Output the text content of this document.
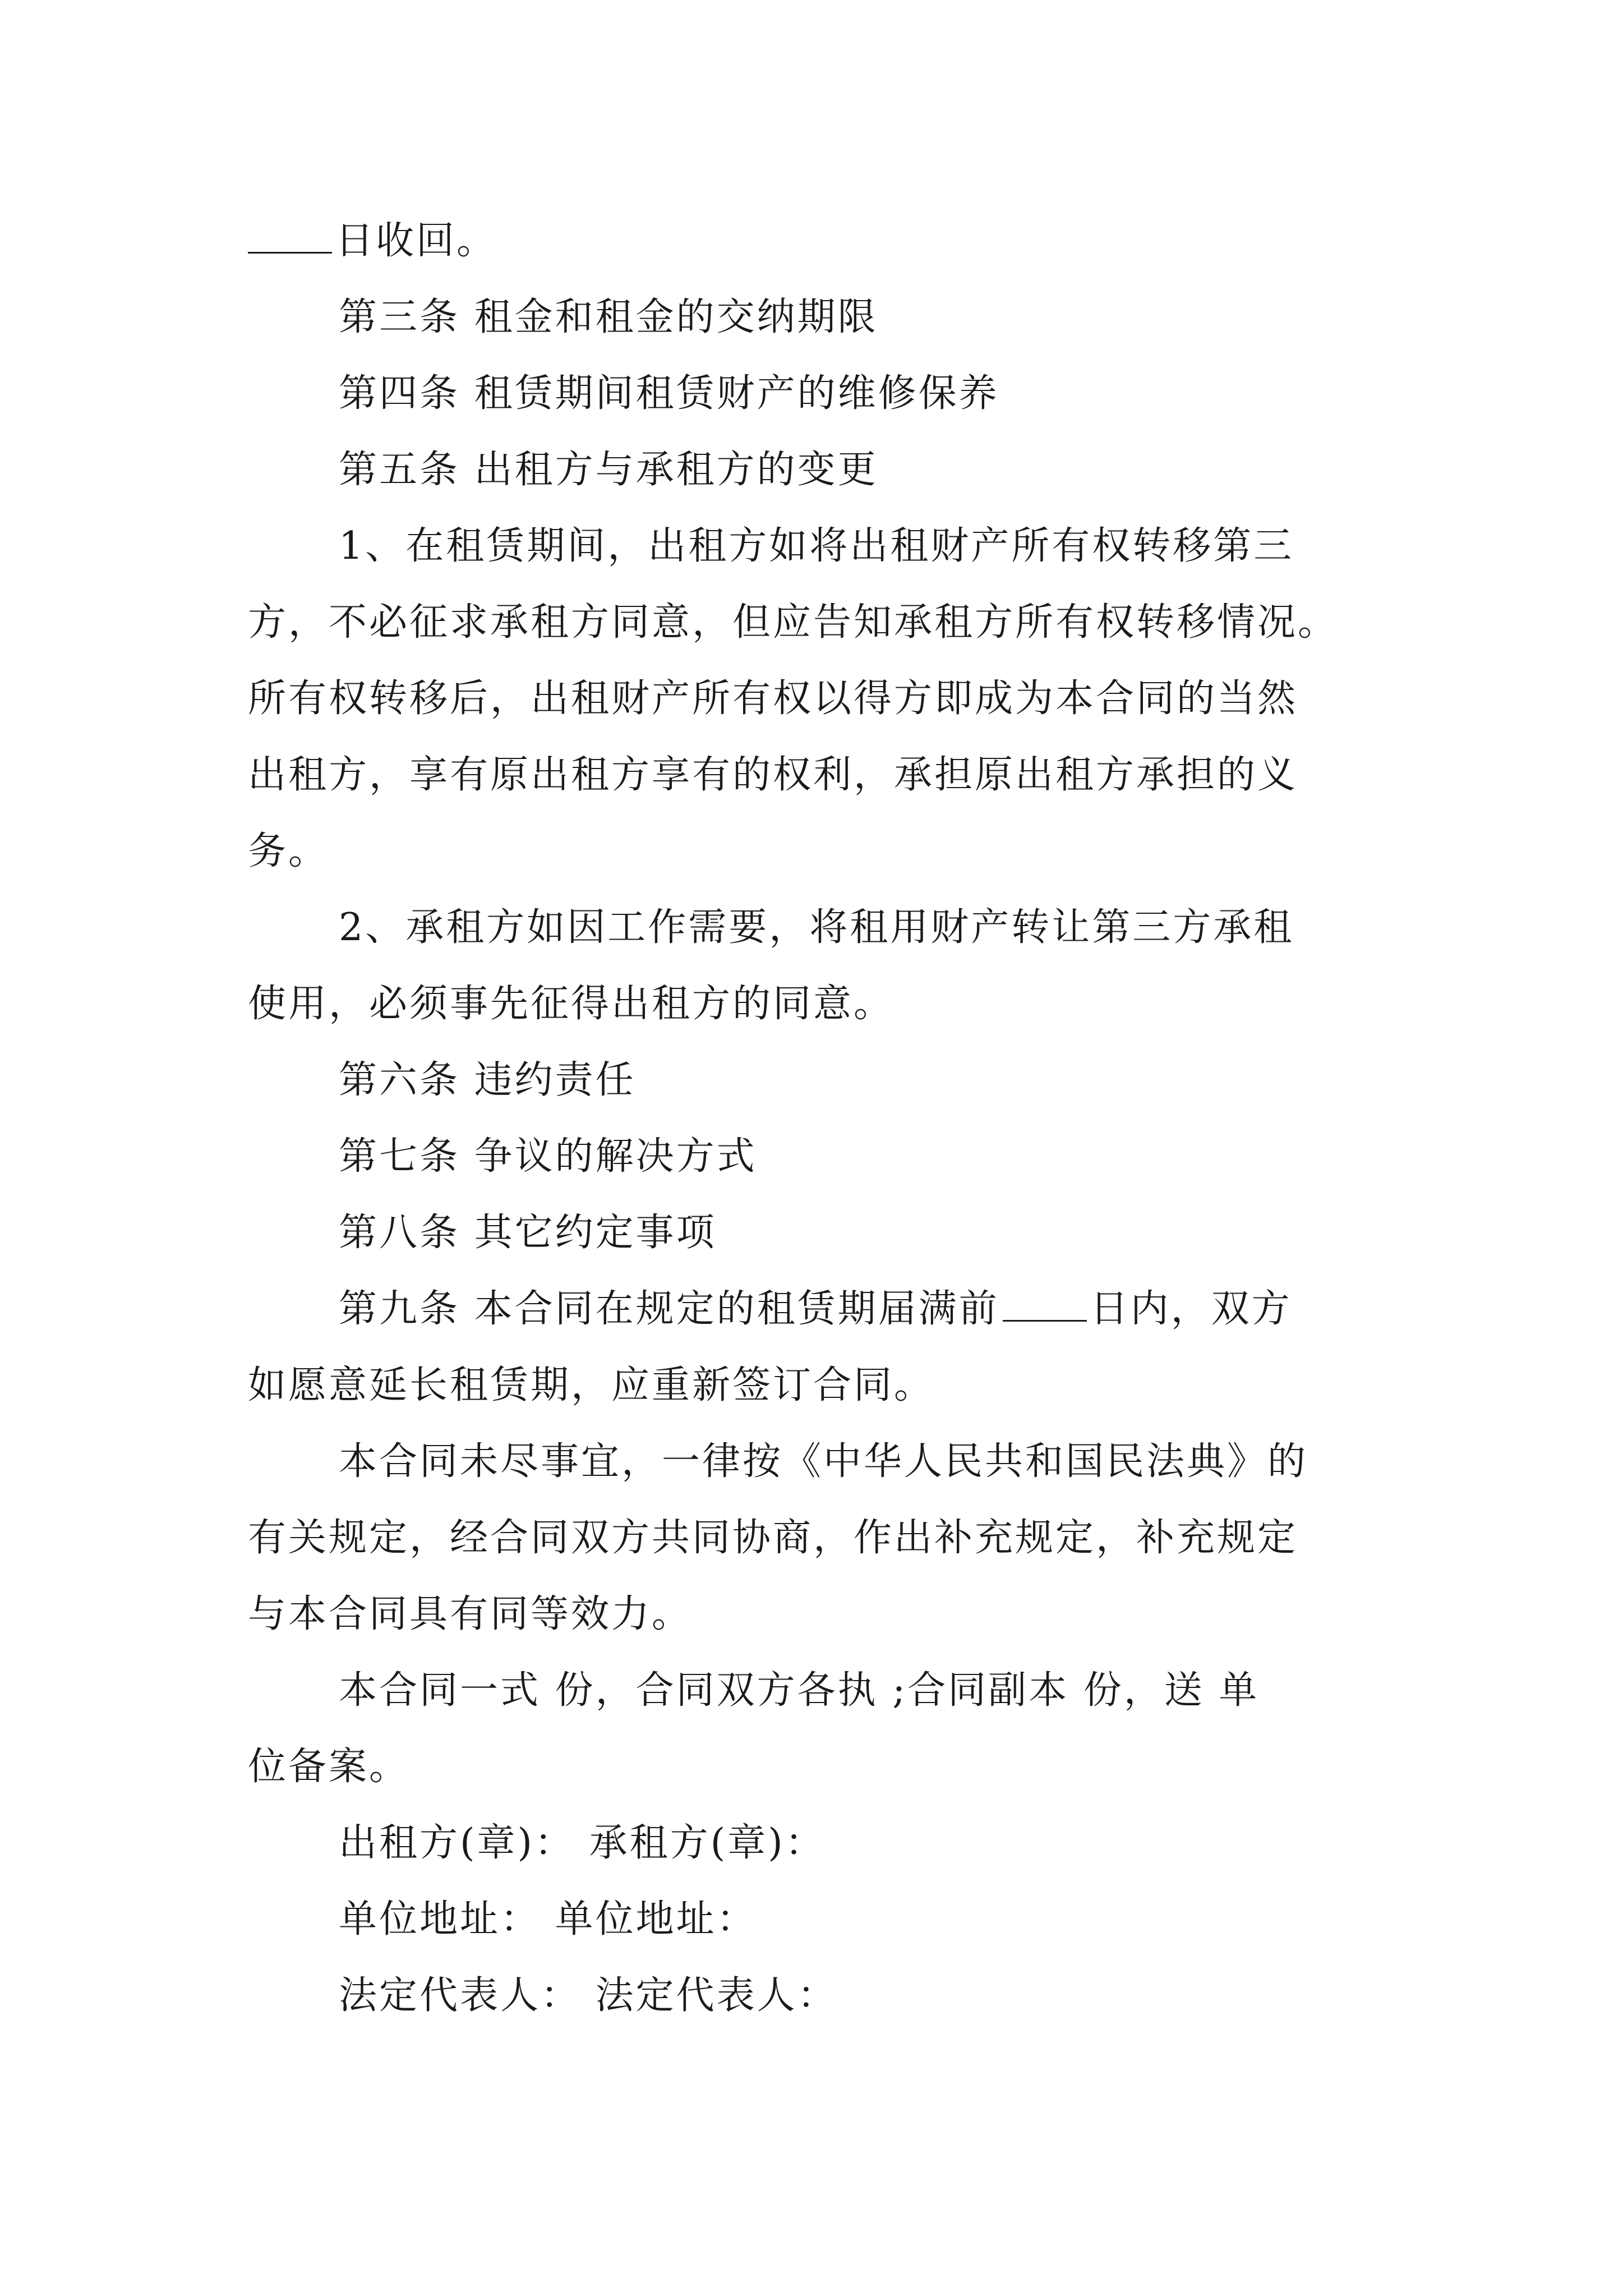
日收回。
第三条 租金和租金的交纳期限
第四条 租赁期间租赁财产的维修保养
第五条 出租方与承租方的变更
1、在租赁期间，出租方如将出租财产所有权转移第三
方，不必征求承租方同意，但应告知承租方所有权转移情况。
所有权转移后，出租财产所有权以得方即成为本合同的当然
出租方，享有原出租方享有的权利，承担原出租方承担的义
务。
2、承租方如因工作需要，将租用财产转让第三方承租
使用，必须事先征得出租方的同意。
第六条 违约责任
第七条 争议的解决方式
第八条 其它约定事项
第九条 本合同在规定的租赁期届满前 日内，双方
如愿意延长租赁期，应重新签订合同。
本合同未尽事宜，一律按《中华人民共和国民法典》的
有关规定，经合同双方共同协商，作出补充规定，补充规定
与本合同具有同等效力。
本合同一式 份，合同双方各执 ;合同副本 份，送 单
位备案。
出租方(章)： 承租方(章)：
单位地址： 单位地址：
法定代表人： 法定代表人：
